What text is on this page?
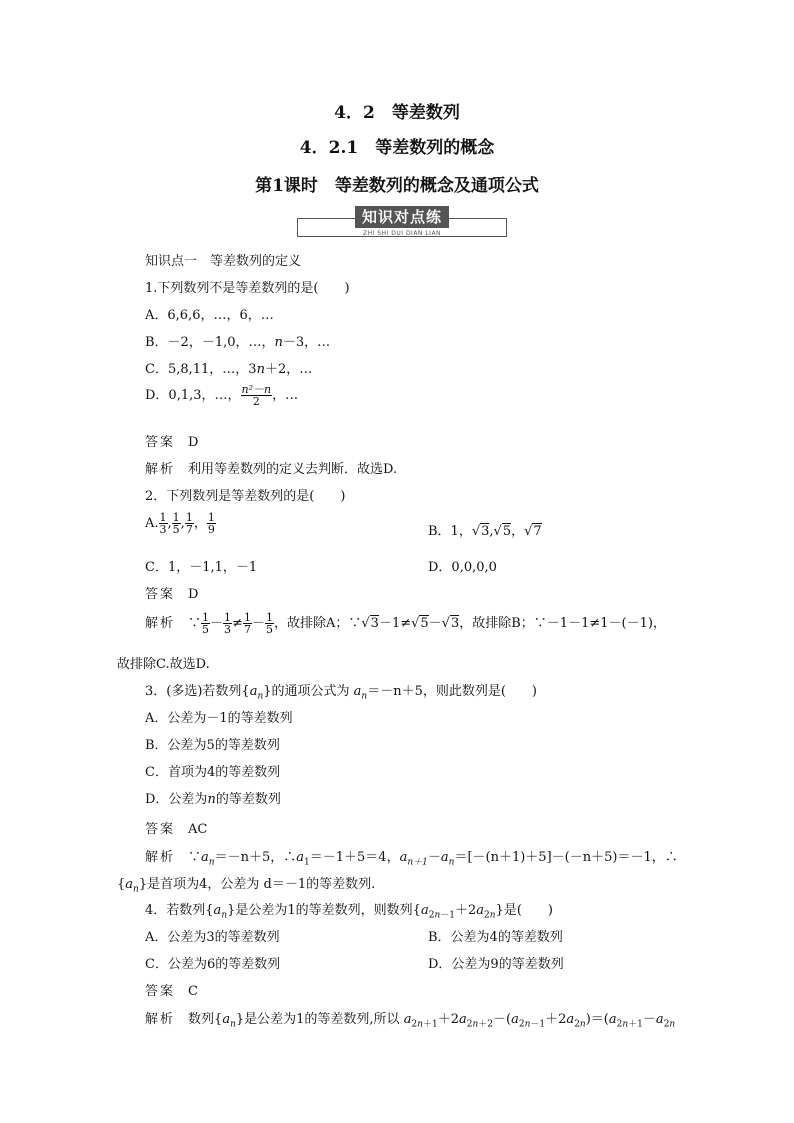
4．2　等差数列
4．2.1　等差数列的概念
第1课时　等差数列的概念及通项公式
知识对点练
ZHI SHI DUI DIAN LIAN
知识点一　等差数列的定义
1.下列数列不是等差数列的是(　　)
A．6,6,6，…，6，…
B．－2，－1,0，…，n－3，…
C．5,8,11，…，3n＋2，…
D．0,1,3，…， $\frac{\text{n²－n}}{2}$ ，…
答案　 D
解析　 利用等差数列的定义去判断．故选D.
2．下列数列是等差数列的是(　　)
A. $\frac{1}{3}$ , $\frac{1}{5}$ , $\frac{1}{7}$ ， $\frac{1}{9}$	B．1，√3,√5，√7
C．1，－1,1，－1	D．0,0,0,0
答案　 D
解析　∵ $\frac{1}{5} - \frac{1}{3} \ne \frac{1}{7} - \frac{1}{5}$ ，故排除A；∵√3－1≠√5－√3，故排除B；∵－1－1≠1－(－1)，
故排除C.故选D.
3．(多选)若数列$\{a_n\}$的通项公式为 $a_n=-n+5$，则此数列是(　　)
A．公差为－1的等差数列
B．公差为5的等差数列
C．首项为4的等差数列
D．公差为n的等差数列
答案　 AC
解析　$\because a_n=-n+5$，$\therefore a_1=-1+5=4$，$a_{n+1}-a_n=[-(n+1)+5]-(-n+5)=-1$，∴
$\{a_n\}$是首项为4，公差为 d＝－1的等差数列.
4．若数列$\{a_n\}$是公差为1的等差数列，则数列$\{a_{2n-1}+2a_{2n}\}$是(　　)
A．公差为3的等差数列	B．公差为4的等差数列
C．公差为6的等差数列	D．公差为9的等差数列
答案　 C
解析　 数列$\{a_n\}$是公差为1的等差数列,所以 $a_{2n+1}+2a_{2n+2}-(a_{2n-1}+2a_{2n})=(a_{2n+1}-a_{2n}$
